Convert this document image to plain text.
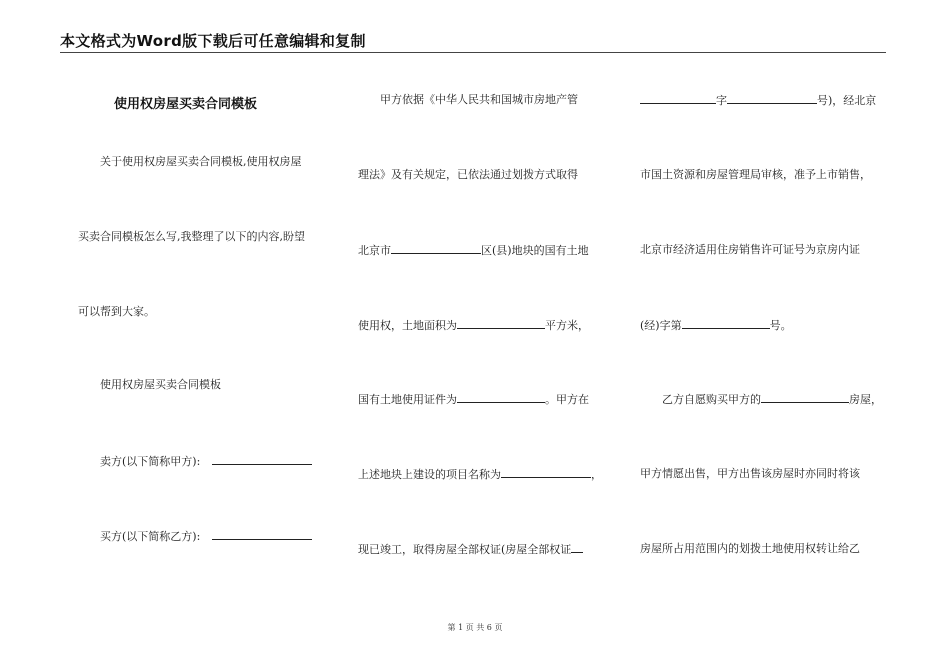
本文格式为Word版下载后可任意编辑和复制
使用权房屋买卖合同模板
关于使用权房屋买卖合同模板,使用权房屋
买卖合同模板怎么写,我整理了以下的内容,盼望
可以帮到大家。
使用权房屋买卖合同模板
卖方(以下简称甲方):
买方(以下简称乙方):
甲方依据《中华人民共和国城市房地产管
理法》及有关规定，已依法通过划拨方式取得
北京市	区(县)地块的国有土地
使用权，土地面积为	平方米，
国有土地使用证件为	。甲方在
上述地块上建设的项目名称为	，
现已竣工，取得房屋全部权证(房屋全部权证
字	号)，经北京
市国土资源和房屋管理局审核，准予上市销售，
北京市经济适用住房销售许可证号为京房内证
(经)字第	号。
乙方自愿购买甲方的	房屋，
甲方情愿出售，甲方出售该房屋时亦同时将该
房屋所占用范围内的划拨土地使用权转让给乙
第 1 页 共 6 页
